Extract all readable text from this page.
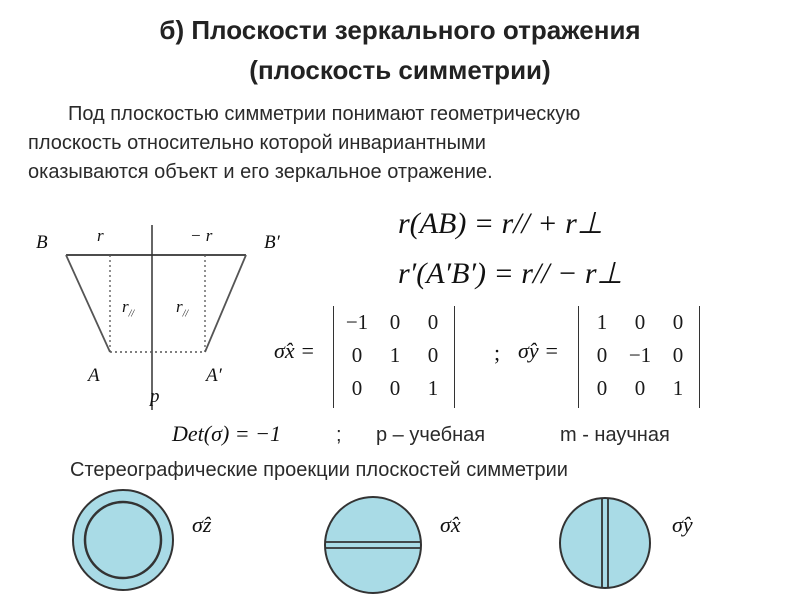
б) Плоскости зеркального отражения
(плоскость симметрии)
Под плоскостью симметрии понимают геометрическую
плоскость относительно которой инвариантными
оказываются объект и его зеркальное отражение.
B	B′
A	A′
p
r	− r
$r_{//}$ $r_{//}$
r(AB) = r// + r⊥
r′(A′B′) = r// − r⊥
σ̂x =
−1	0	0
0	1	0
0	0	1
; σ̂y =
1	0	0
0	−1	0
0	0	1
Det(σ) = −1	; p – учебная	m - научная
Стереографические проекции плоскостей симметрии
σ̂z	σ̂x	σ̂y
